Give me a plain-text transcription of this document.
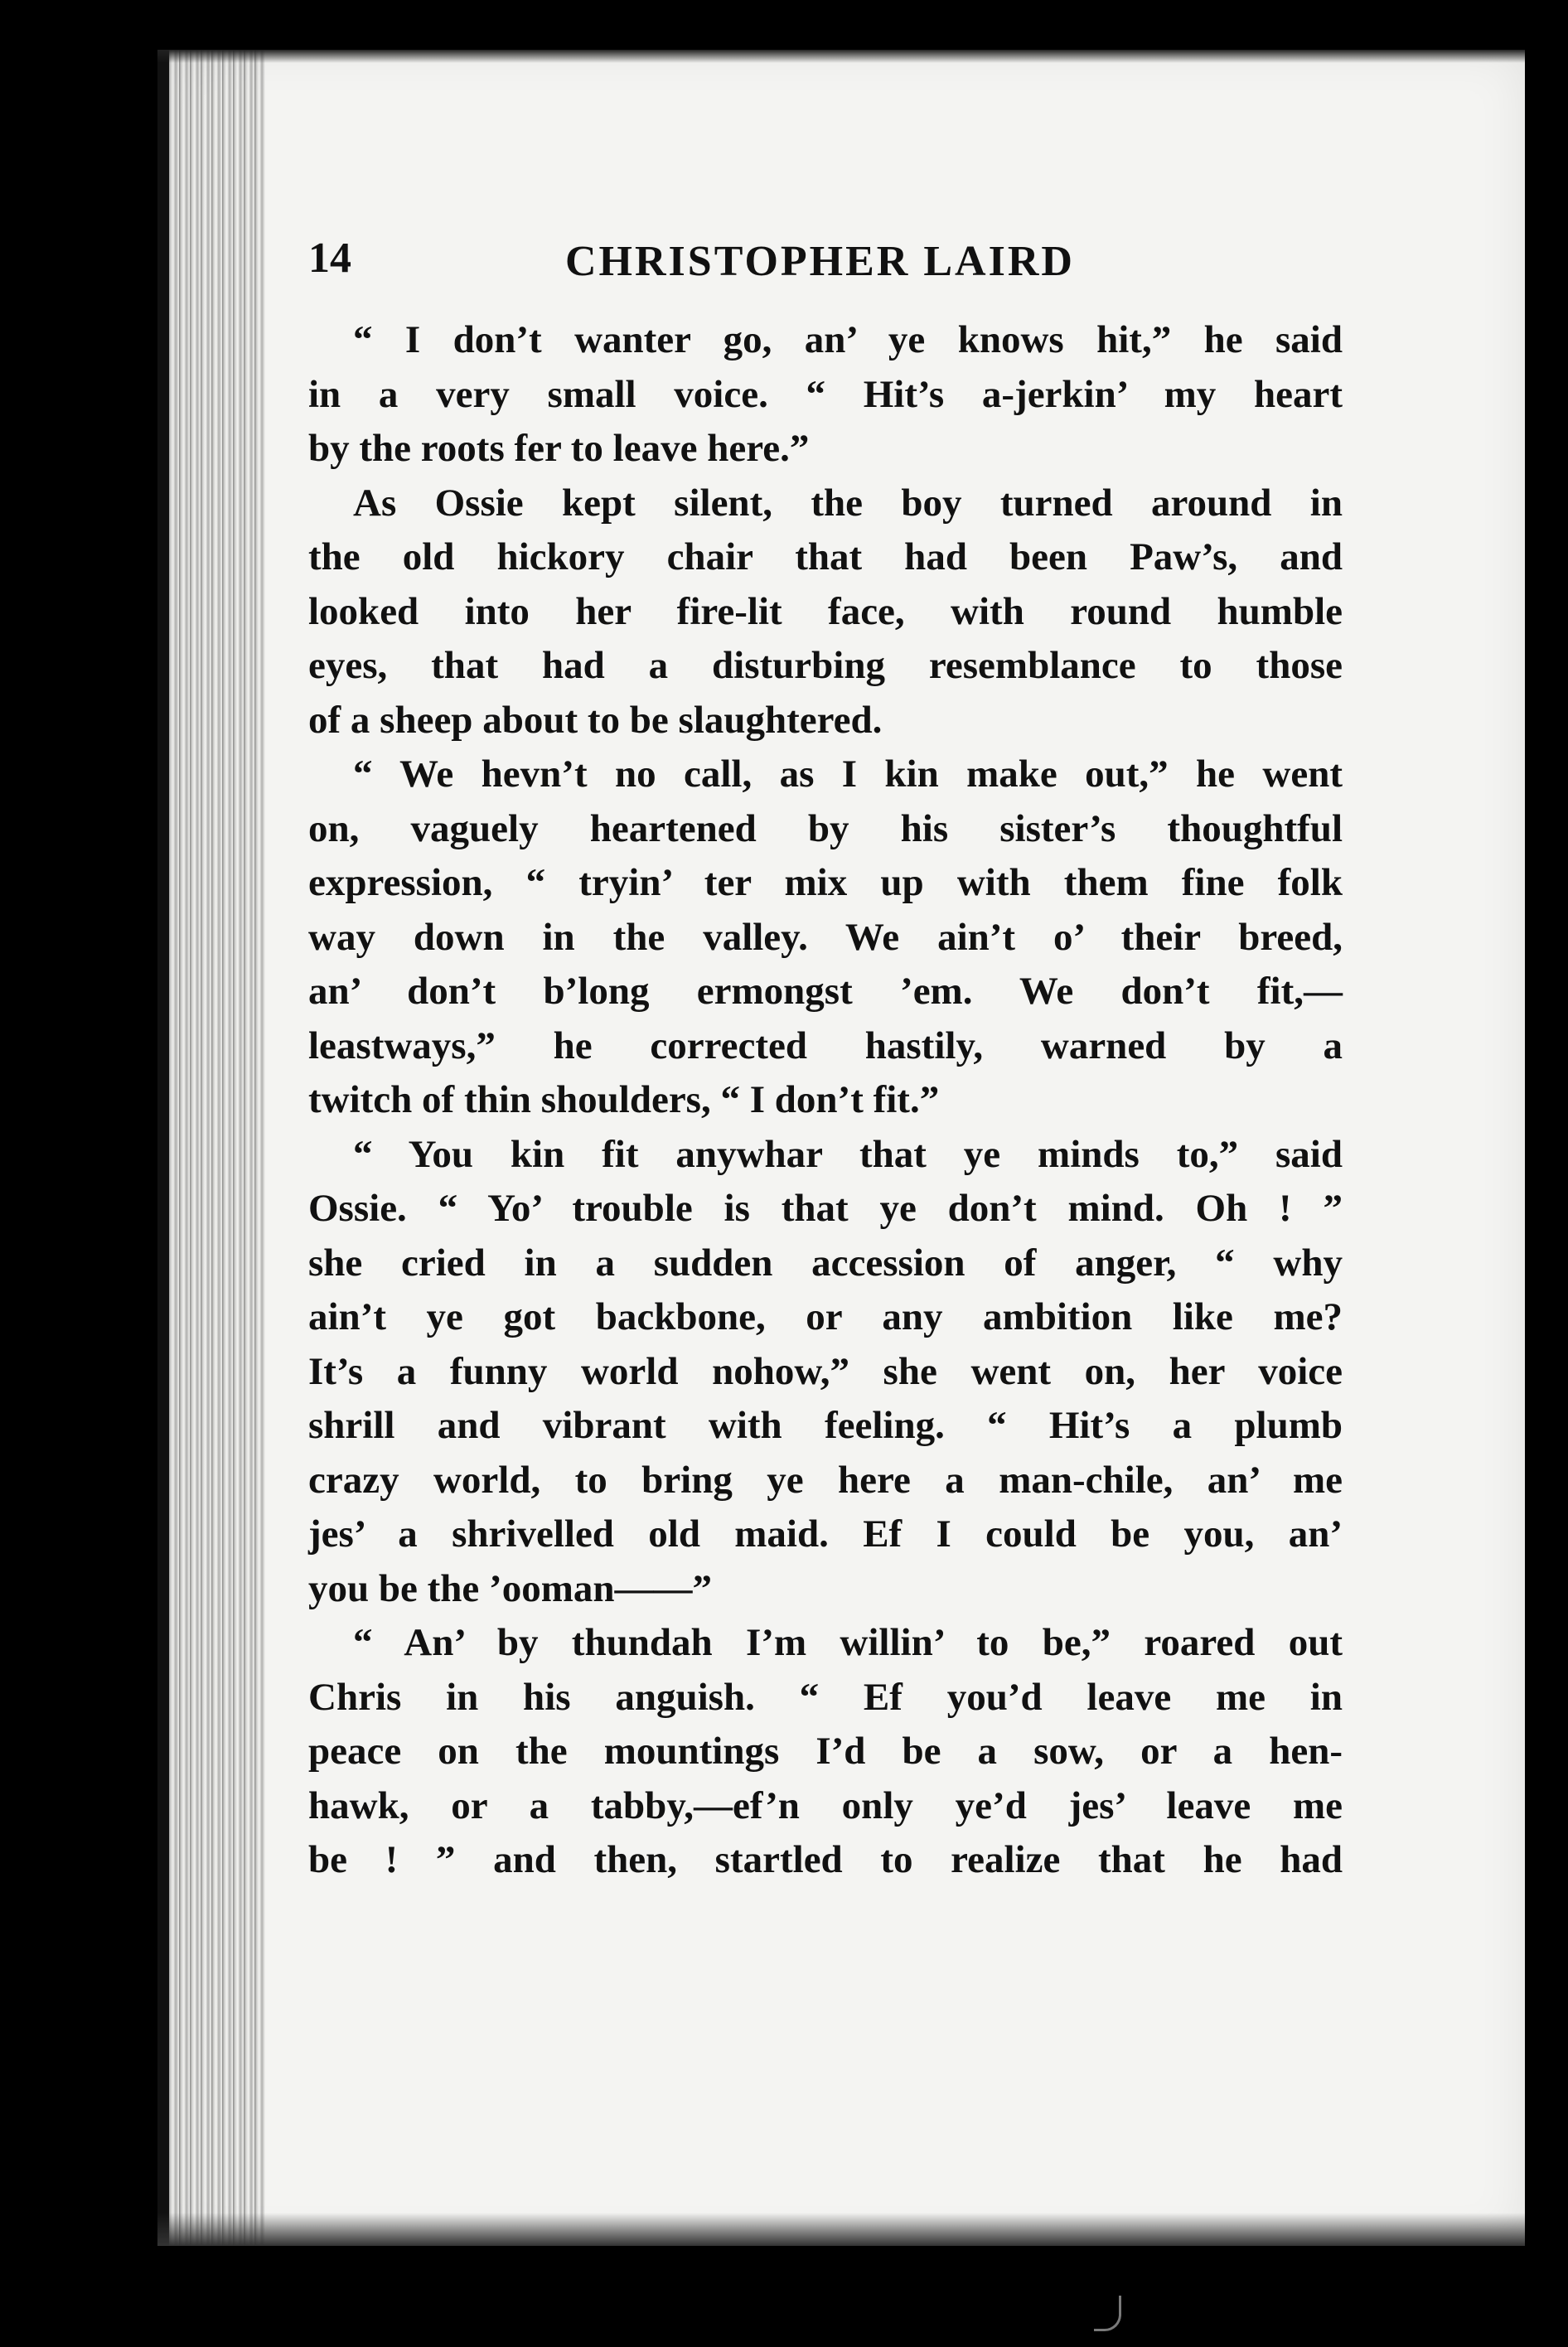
14	CHRISTOPHER LAIRD
“ I don’t wanter go, an’ ye knows hit,” he said
in a very small voice. “ Hit’s a-jerkin’ my heart
by the roots fer to leave here.”
As Ossie kept silent, the boy turned around in
the old hickory chair that had been Paw’s, and
looked into her fire-lit face, with round humble
eyes, that had a disturbing resemblance to those
of a sheep about to be slaughtered.
“ We hevn’t no call, as I kin make out,” he went
on, vaguely heartened by his sister’s thoughtful
expression, “ tryin’ ter mix up with them fine folk
way down in the valley. We ain’t o’ their breed,
an’ don’t b’long ermongst ’em. We don’t fit,—
leastways,” he corrected hastily, warned by a
twitch of thin shoulders, “ I don’t fit.”
“ You kin fit anywhar that ye minds to,” said
Ossie. “ Yo’ trouble is that ye don’t mind. Oh ! ”
she cried in a sudden accession of anger, “ why
ain’t ye got backbone, or any ambition like me?
It’s a funny world nohow,” she went on, her voice
shrill and vibrant with feeling. “ Hit’s a plumb
crazy world, to bring ye here a man-chile, an’ me
jes’ a shrivelled old maid. Ef I could be you, an’
you be the ’ooman——”
“ An’ by thundah I’m willin’ to be,” roared out
Chris in his anguish. “ Ef you’d leave me in
peace on the mountings I’d be a sow, or a hen-
hawk, or a tabby,—ef’n only ye’d jes’ leave me
be ! ” and then, startled to realize that he had
